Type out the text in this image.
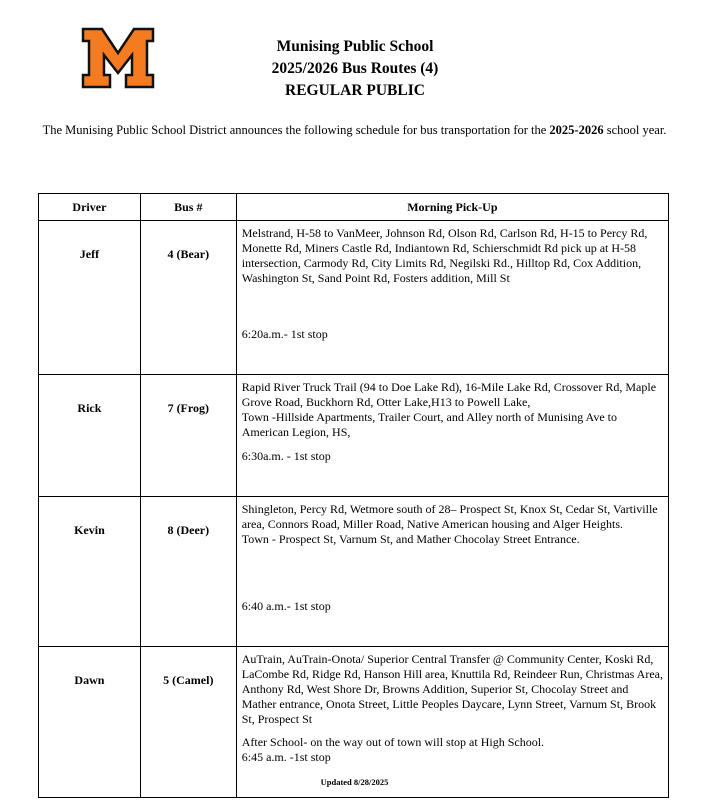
Munising Public School
2025/2026 Bus Routes (4)
REGULAR PUBLIC
The Munising Public School District announces the following schedule for bus transportation for the 2025-2026 school year.
Driver	Bus #	Morning Pick-Up
Jeff	4 (Bear)	Melstrand, H-58 to VanMeer, Johnson Rd, Olson Rd, Carlson Rd, H-15 to Percy Rd, Monette Rd, Miners Castle Rd, Indiantown Rd, Schierschmidt Rd pick up at H-58 intersection, Carmody Rd, City Limits Rd, Negilski Rd., Hilltop Rd, Cox Addition, Washington St, Sand Point Rd, Fosters addition, Mill St

6:20a.m.- 1st stop

Rick	7 (Frog)	Rapid River Truck Trail (94 to Doe Lake Rd), 16-Mile Lake Rd, Crossover Rd, Maple Grove Road, Buckhorn Rd, Otter Lake,H13 to Powell Lake,

Town -Hillside Apartments, Trailer Court, and Alley north of Munising Ave to American Legion, HS,

6:30a.m. - 1st stop

Kevin	8 (Deer)	Shingleton, Percy Rd, Wetmore south of 28– Prospect St, Knox St, Cedar St, Vartiville area, Connors Road, Miller Road, Native American housing and Alger Heights.

Town - Prospect St, Varnum St, and Mather Chocolay Street Entrance.

6:40 a.m.- 1st stop

Dawn	5 (Camel)	AuTrain, AuTrain-Onota/ Superior Central Transfer @ Community Center, Koski Rd, LaCombe Rd, Ridge Rd, Hanson Hill area, Knuttila Rd, Reindeer Run, Christmas Area, Anthony Rd, West Shore Dr, Browns Addition, Superior St, Chocolay Street and Mather entrance, Onota Street, Little Peoples Daycare, Lynn Street, Varnum St, Brook St, Prospect St

After School- on the way out of town will stop at High School.

6:45 a.m. -1st stop

Updated 8/28/2025
